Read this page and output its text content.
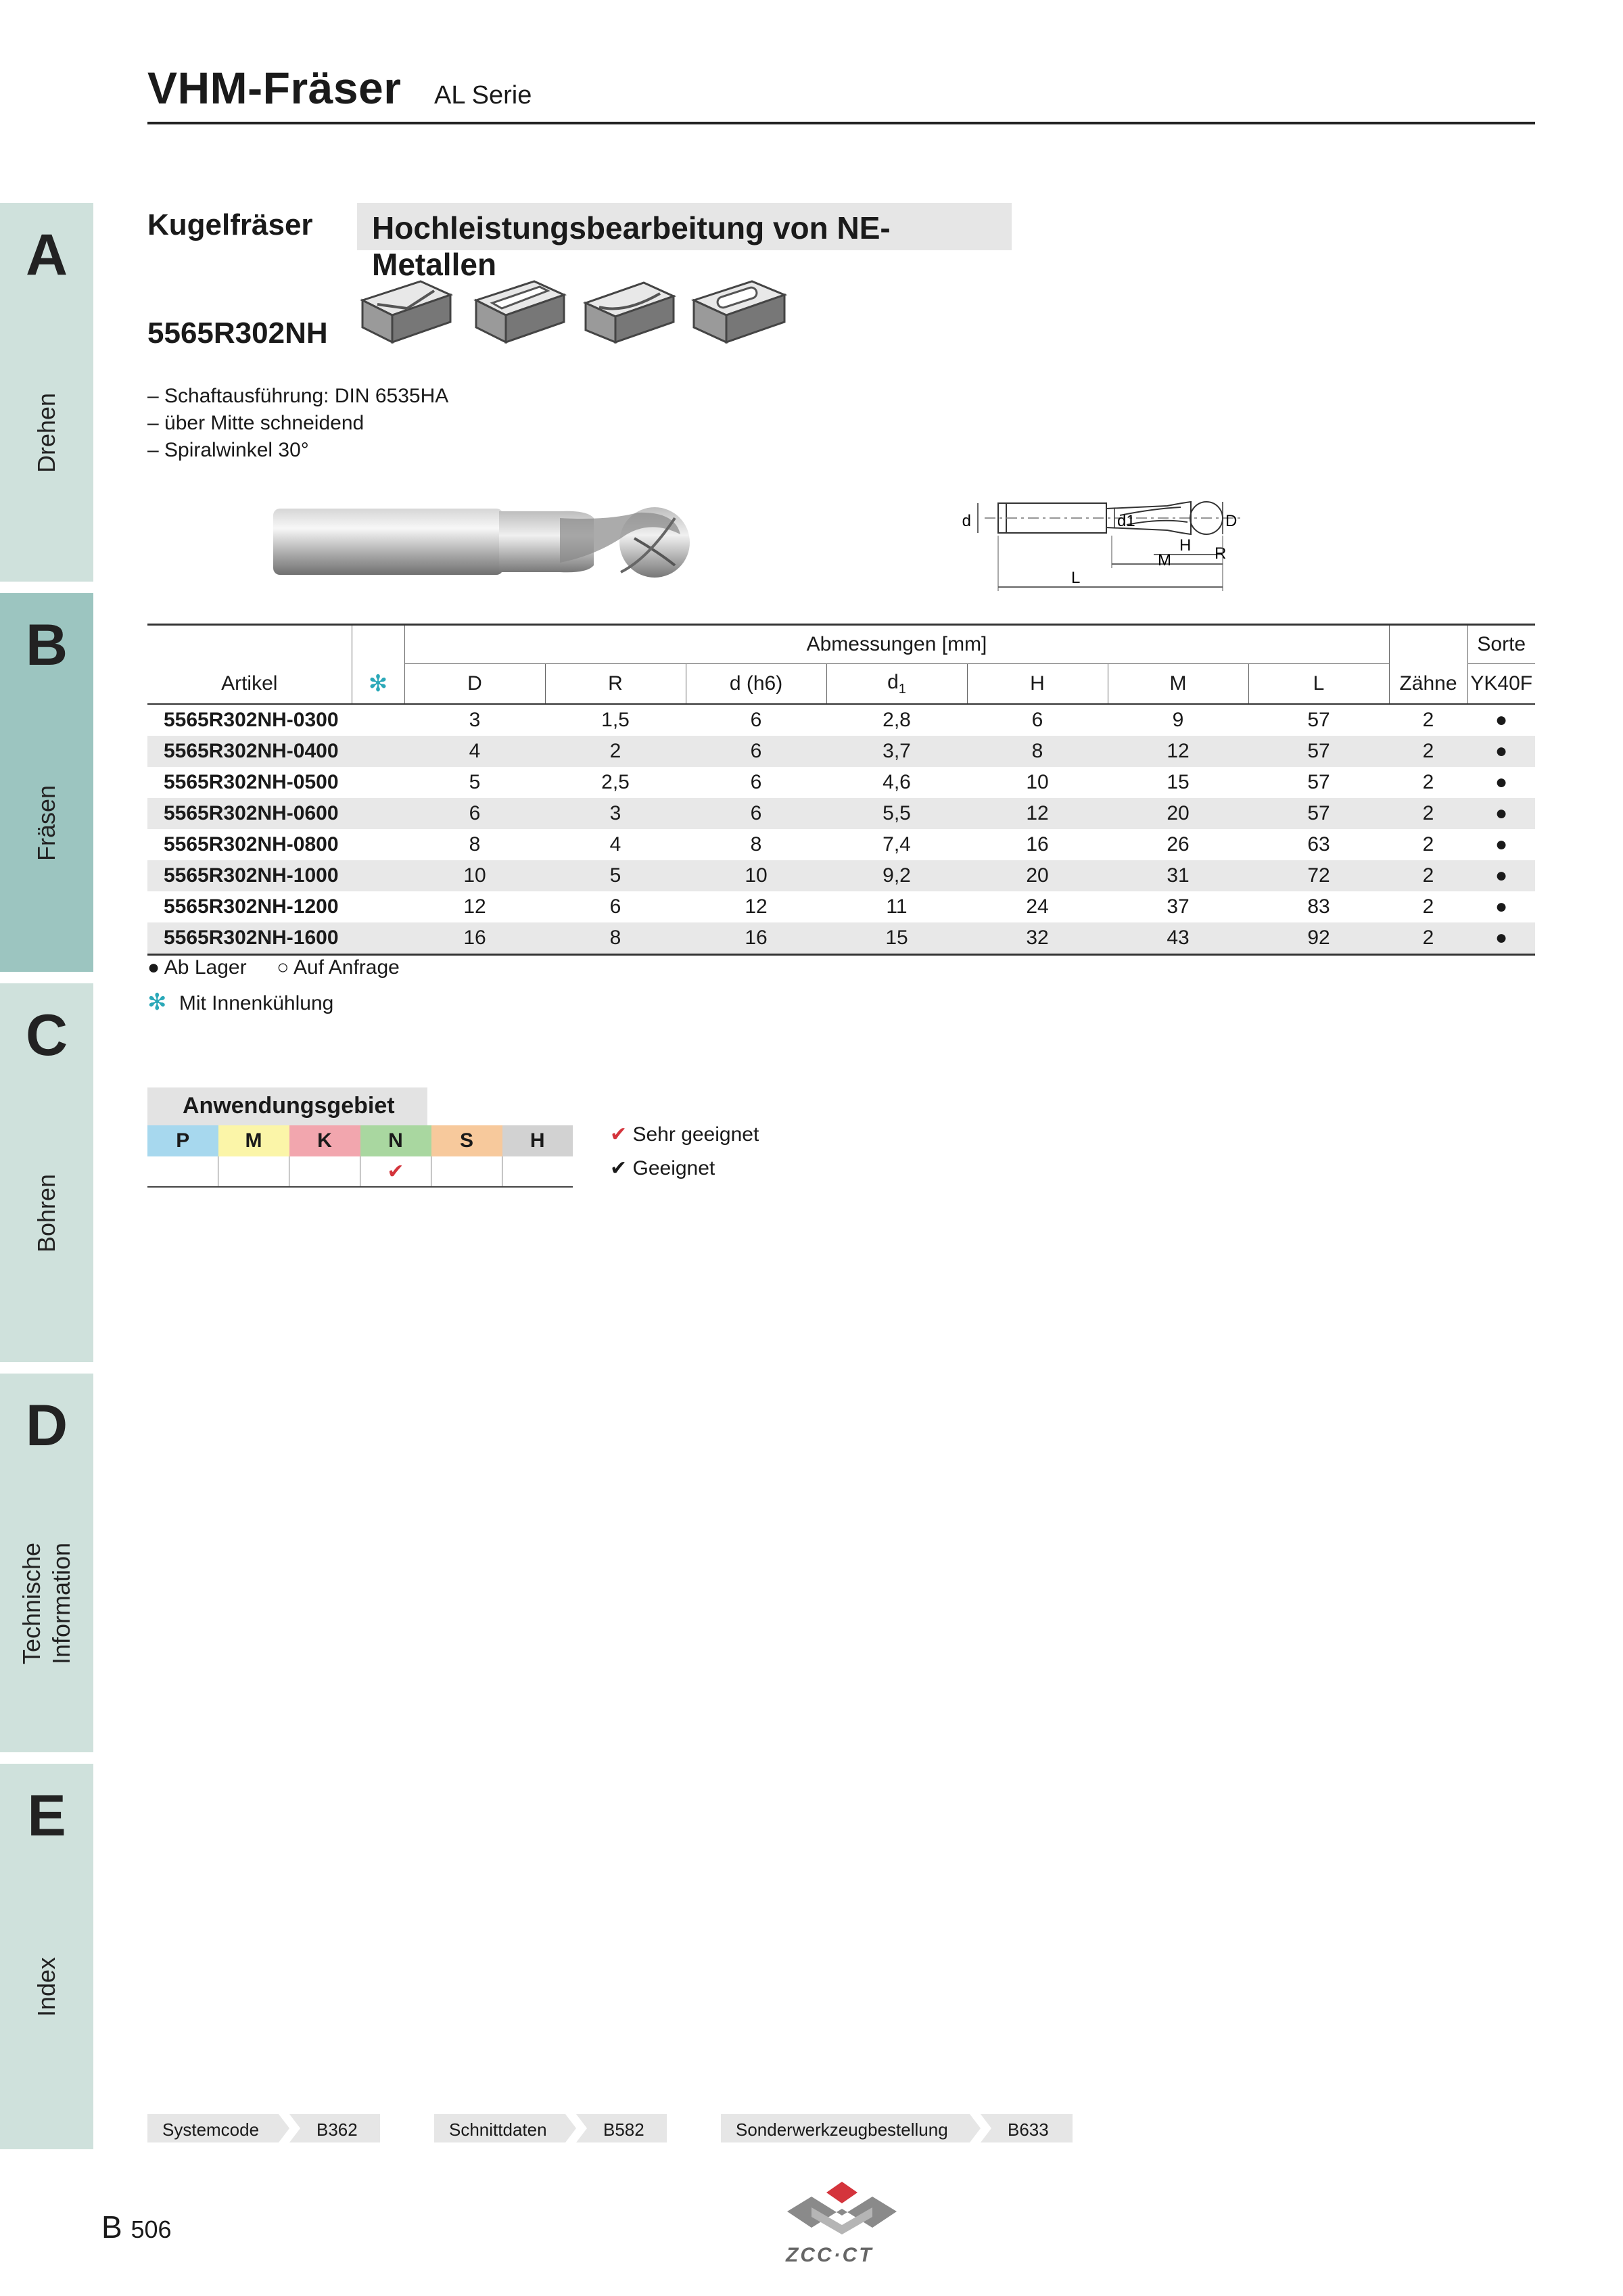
VHM-Fräser AL Serie
A
Drehen
B
Fräsen
C
Bohren
D
Technische Information
E
Index
Kugelfräser Hochleistungsbearbeitung von NE-Metallen
5565R302NH
– Schaftausführung: DIN 6535HA
– über Mitte schneidend
– Spiralwinkel 30°
d	d1	D
H R
M
L
		Abmessungen [mm]								Sorte
Artikel	✻	D	R	d (h6)	$d_1$	H	M	L	Zähne	YK40F
5565R302NH-0300		3	1,5	6	2,8	6	9	57	2	●
5565R302NH-0400		4	2	6	3,7	8	12	57	2	●
5565R302NH-0500		5	2,5	6	4,6	10	15	57	2	●
5565R302NH-0600		6	3	6	5,5	12	20	57	2	●
5565R302NH-0800		8	4	8	7,4	16	26	63	2	●
5565R302NH-1000		10	5	10	9,2	20	31	72	2	●
5565R302NH-1200		12	6	12	11	24	37	83	2	●
5565R302NH-1600		16	8	16	15	32	43	92	2	●
● Ab Lager ○ Auf Anfrage
✻ Mit Innenkühlung
Anwendungsgebiet
P	M	K	N	S	H
			✔		
✔ Sehr geeignet
✔ Geeignet
Systemcode	B362	Schnittdaten	B582	Sonderwerkzeugbestellung	B633
B 506
ZCC·CT
